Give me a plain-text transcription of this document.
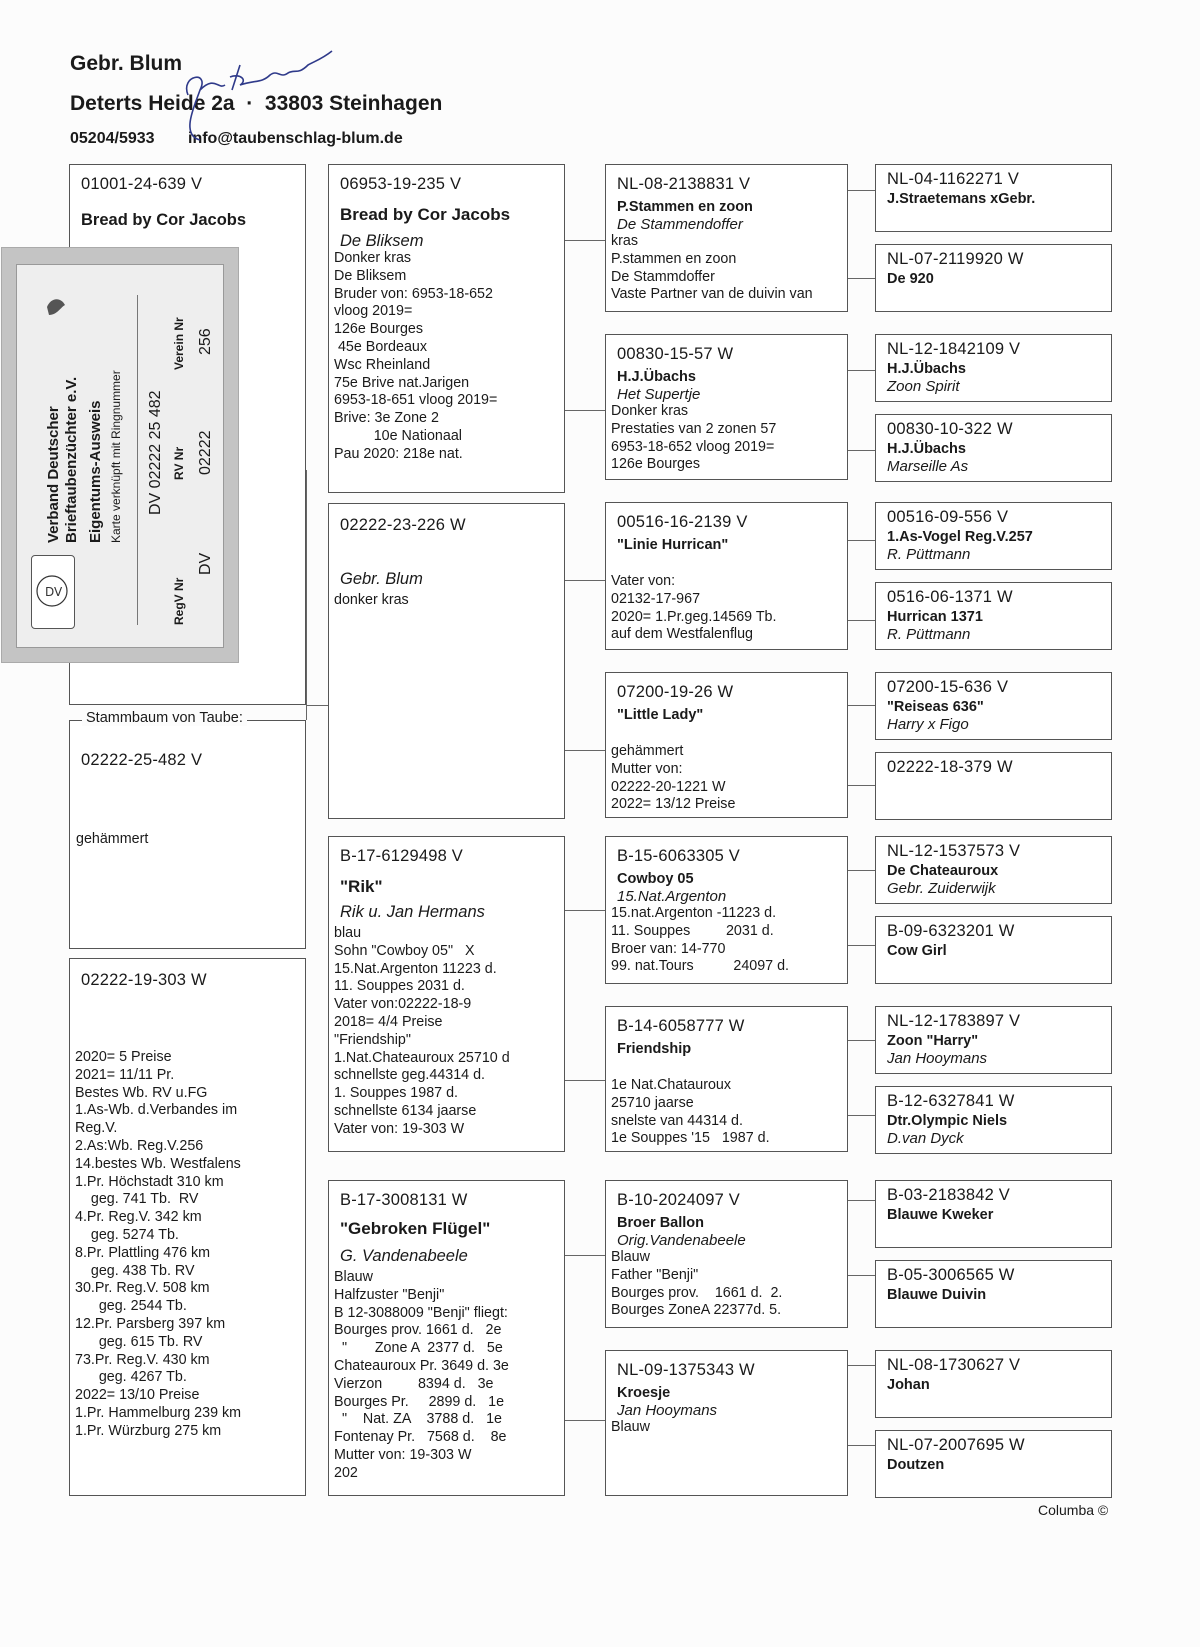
Gebr. Blum
Deterts Heide 2a  ·  33803 Steinhagen
05204/5933 info@taubenschlag-blum.de
01001-24-639 V
Bread by Cor Jacobs
DV
Verband Deutscher Brieftaubenzüchter e.V. Eigentums-Ausweis Karte verknüpft mit Ringnummer DV 02222 25 482
RegV Nr
DV
RV Nr 02222
Verein Nr 256
Stammbaum von Taube:
02222-25-482 V
gehämmert
02222-19-303 W
2020= 5 Preise
2021= 11/11 Pr.
Bestes Wb. RV u.FG
1.As-Wb. d.Verbandes im
Reg.V.
2.As:Wb. Reg.V.256
14.bestes Wb. Westfalens
1.Pr. Höchstadt 310 km
geg. 741 Tb.  RV
4.Pr. Reg.V. 342 km
geg. 5274 Tb.
8.Pr. Plattling 476 km
geg. 438 Tb. RV
30.Pr. Reg.V. 508 km
geg. 2544 Tb.
12.Pr. Parsberg 397 km
geg. 615 Tb. RV
73.Pr. Reg.V. 430 km
geg. 4267 Tb.
2022= 13/10 Preise
1.Pr. Hammelburg 239 km
1.Pr. Würzburg 275 km
06953-19-235 V
Bread by Cor Jacobs
De Bliksem
Donker kras
De Bliksem
Bruder von: 6953-18-652
vloog 2019=
126e Bourges
45e Bordeaux
Wsc Rheinland
75e Brive nat.Jarigen
6953-18-651 vloog 2019=
Brive: 3e Zone 2
10e Nationaal
Pau 2020: 218e nat.
02222-23-226 W
Gebr. Blum
donker kras
B-17-6129498 V
"Rik"
Rik u. Jan Hermans
blau
Sohn "Cowboy 05"   X
15.Nat.Argenton 11223 d.
11. Souppes 2031 d.
Vater von:02222-18-9
2018= 4/4 Preise
"Friendship"
1.Nat.Chateauroux 25710 d
schnellste geg.44314 d.
1. Souppes 1987 d.
schnellste 6134 jaarse
Vater von: 19-303 W
B-17-3008131 W
"Gebroken Flügel"
G. Vandenabeele
Blauw
Halfzuster "Benji"
B 12-3088009 "Benji" fliegt:
Bourges prov. 1661 d.   2e
"       Zone A  2377 d.   5e
Chateauroux Pr. 3649 d. 3e
Vierzon         8394 d.   3e
Bourges Pr.     2899 d.   1e
"    Nat. ZA    3788 d.   1e
Fontenay Pr.   7568 d.    8e
Mutter von: 19-303 W
202
NL-08-2138831 V
P.Stammen en zoon
De Stammendoffer
kras
P.stammen en zoon
De Stammdoffer
Vaste Partner van de duivin van
00830-15-57 W
H.J.Übachs
Het Supertje
Donker kras
Prestaties van 2 zonen 57
6953-18-652 vloog 2019=
126e Bourges
00516-16-2139 V
"Linie Hurrican"
Vater von:
02132-17-967
2020= 1.Pr.geg.14569 Tb.
auf dem Westfalenflug
07200-19-26 W
"Little Lady"
gehämmert
Mutter von:
02222-20-1221 W
2022= 13/12 Preise
B-15-6063305 V
Cowboy 05
15.Nat.Argenton
15.nat.Argenton -11223 d.
11. Souppes         2031 d.
Broer van: 14-770
99. nat.Tours          24097 d.
B-14-6058777 W
Friendship
1e Nat.Chatauroux
25710 jaarse
snelste van 44314 d.
1e Souppes '15   1987 d.
B-10-2024097 V
Broer Ballon
Orig.Vandenabeele
Blauw
Father "Benji"
Bourges prov.    1661 d.  2.
Bourges ZoneA 22377d. 5.
NL-09-1375343 W
Kroesje
Jan Hooymans
Blauw
NL-04-1162271 V
J.Straetemans xGebr.
NL-07-2119920 W
De 920
NL-12-1842109 V
H.J.Übachs
Zoon Spirit
00830-10-322 W
H.J.Übachs
Marseille As
00516-09-556 V
1.As-Vogel Reg.V.257
R. Püttmann
0516-06-1371 W
Hurrican 1371
R. Püttmann
07200-15-636 V
"Reiseas 636"
Harry x Figo
02222-18-379 W
NL-12-1537573 V
De Chateauroux
Gebr. Zuiderwijk
B-09-6323201 W
Cow Girl
NL-12-1783897 V
Zoon "Harry"
Jan Hooymans
B-12-6327841 W
Dtr.Olympic Niels
D.van Dyck
B-03-2183842 V
Blauwe Kweker
B-05-3006565 W
Blauwe Duivin
NL-08-1730627 V
Johan
NL-07-2007695 W
Doutzen
Columba ©
